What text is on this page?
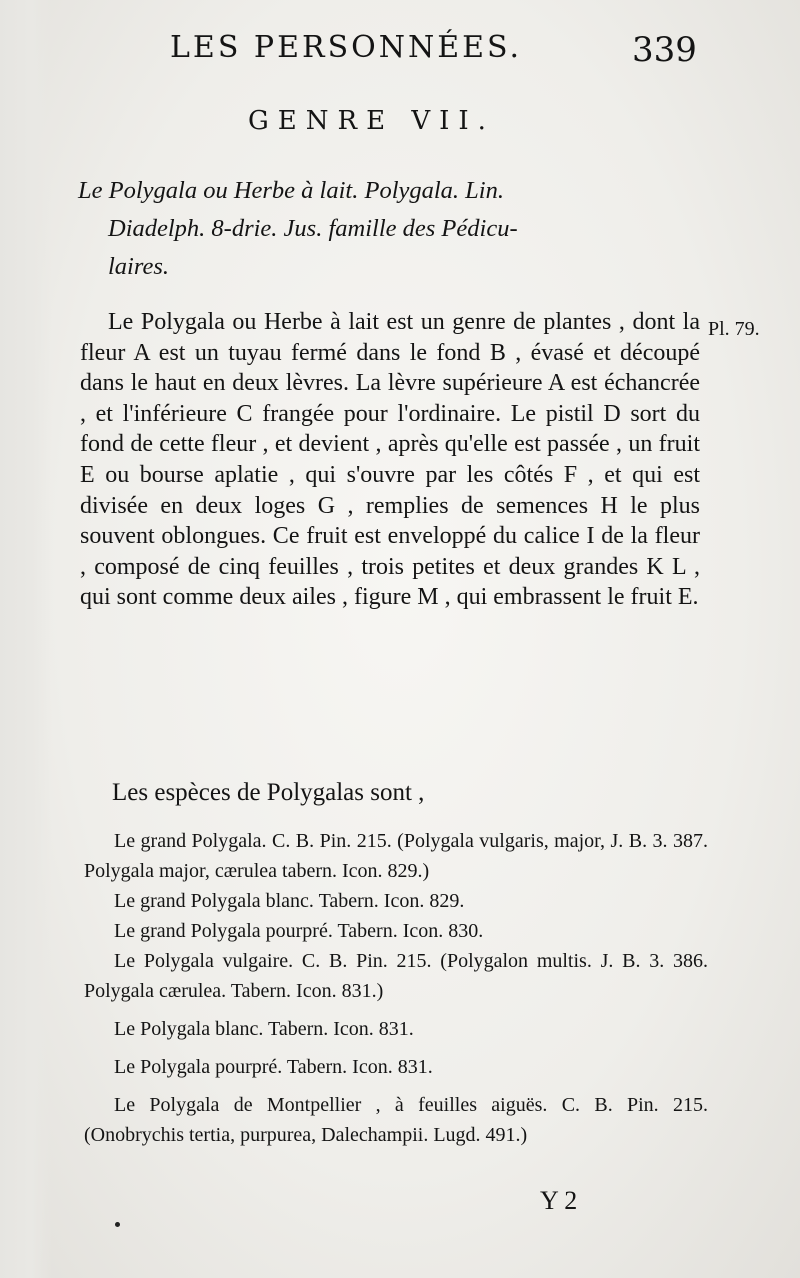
LES PERSONNÉES.	339
GENRE VII.
Le Polygala ou Herbe à lait. Polygala. Lin.
Diadelph. 8-drie. Jus. famille des Pédicu-
laires.
Pl. 79.
Le Polygala ou Herbe à lait est un genre de plantes , dont la fleur A est un tuyau fermé dans le fond B , évasé et découpé dans le haut en deux lèvres. La lèvre supérieure A est échancrée , et l'inférieure C frangée pour l'ordinaire. Le pistil D sort du fond de cette fleur , et devient , après qu'elle est passée , un fruit E ou bourse aplatie , qui s'ouvre par les côtés F , et qui est divisée en deux loges G , remplies de semences H le plus souvent oblongues. Ce fruit est enveloppé du calice I de la fleur , composé de cinq feuilles , trois petites et deux grandes K L , qui sont comme deux ailes , figure M , qui embrassent le fruit E.
Les espèces de Polygalas sont ,

Le grand Polygala. C. B. Pin. 215. (Polygala vulgaris, major, J. B. 3. 387. Polygala major, cærulea tabern. Icon. 829.)

Le grand Polygala blanc. Tabern. Icon. 829.

Le grand Polygala pourpré. Tabern. Icon. 830.

Le Polygala vulgaire. C. B. Pin. 215. (Polygalon multis. J. B. 3. 386. Polygala cærulea. Tabern. Icon. 831.)

Le Polygala blanc. Tabern. Icon. 831.

Le Polygala pourpré. Tabern. Icon. 831.

Le Polygala de Montpellier , à feuilles aiguës. C. B. Pin. 215. (Onobrychis tertia, purpurea, Dalechampii. Lugd. 491.)

Y 2
